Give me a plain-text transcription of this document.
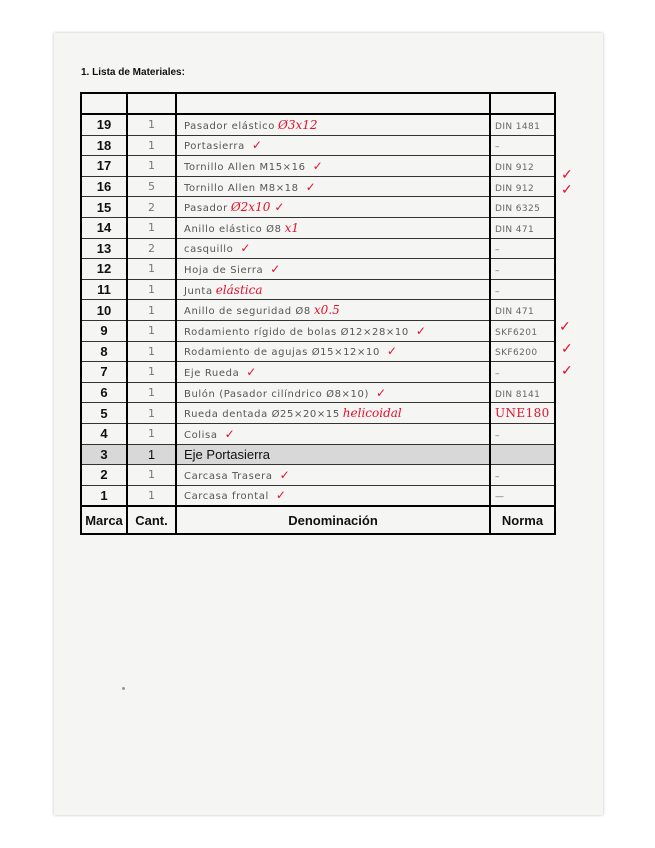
1. Lista de Materiales:

19	1	Pasador elástico Ø3x12	DIN 1481
18	1	Portasierra ✓	–
17	1	Tornillo Allen M15×16 ✓	DIN 912
16	5	Tornillo Allen M8×18 ✓	DIN 912
15	2	Pasador Ø2x10 ✓	DIN 6325
14	1	Anillo elástico Ø8 x1	DIN 471
13	2	casquillo ✓	–
12	1	Hoja de Sierra ✓	–
11	1	Junta elástica	–
10	1	Anillo de seguridad Ø8 x0.5	DIN 471
9	1	Rodamiento rígido de bolas Ø12×28×10 ✓	SKF6201
8	1	Rodamiento de agujas Ø15×12×10 ✓	SKF6200
7	1	Eje Rueda ✓	–
6	1	Bulón (Pasador cilíndrico Ø8×10) ✓	DIN 8141
5	1	Rueda dentada Ø25×20×15 helicoidal	UNE180
4	1	Colisa ✓	–
3	1	Eje Portasierra	
2	1	Carcasa Trasera ✓	–
1	1	Carcasa frontal ✓	—
Marca	Cant.	Denominación	Norma
✓
✓
✓
✓
✓
